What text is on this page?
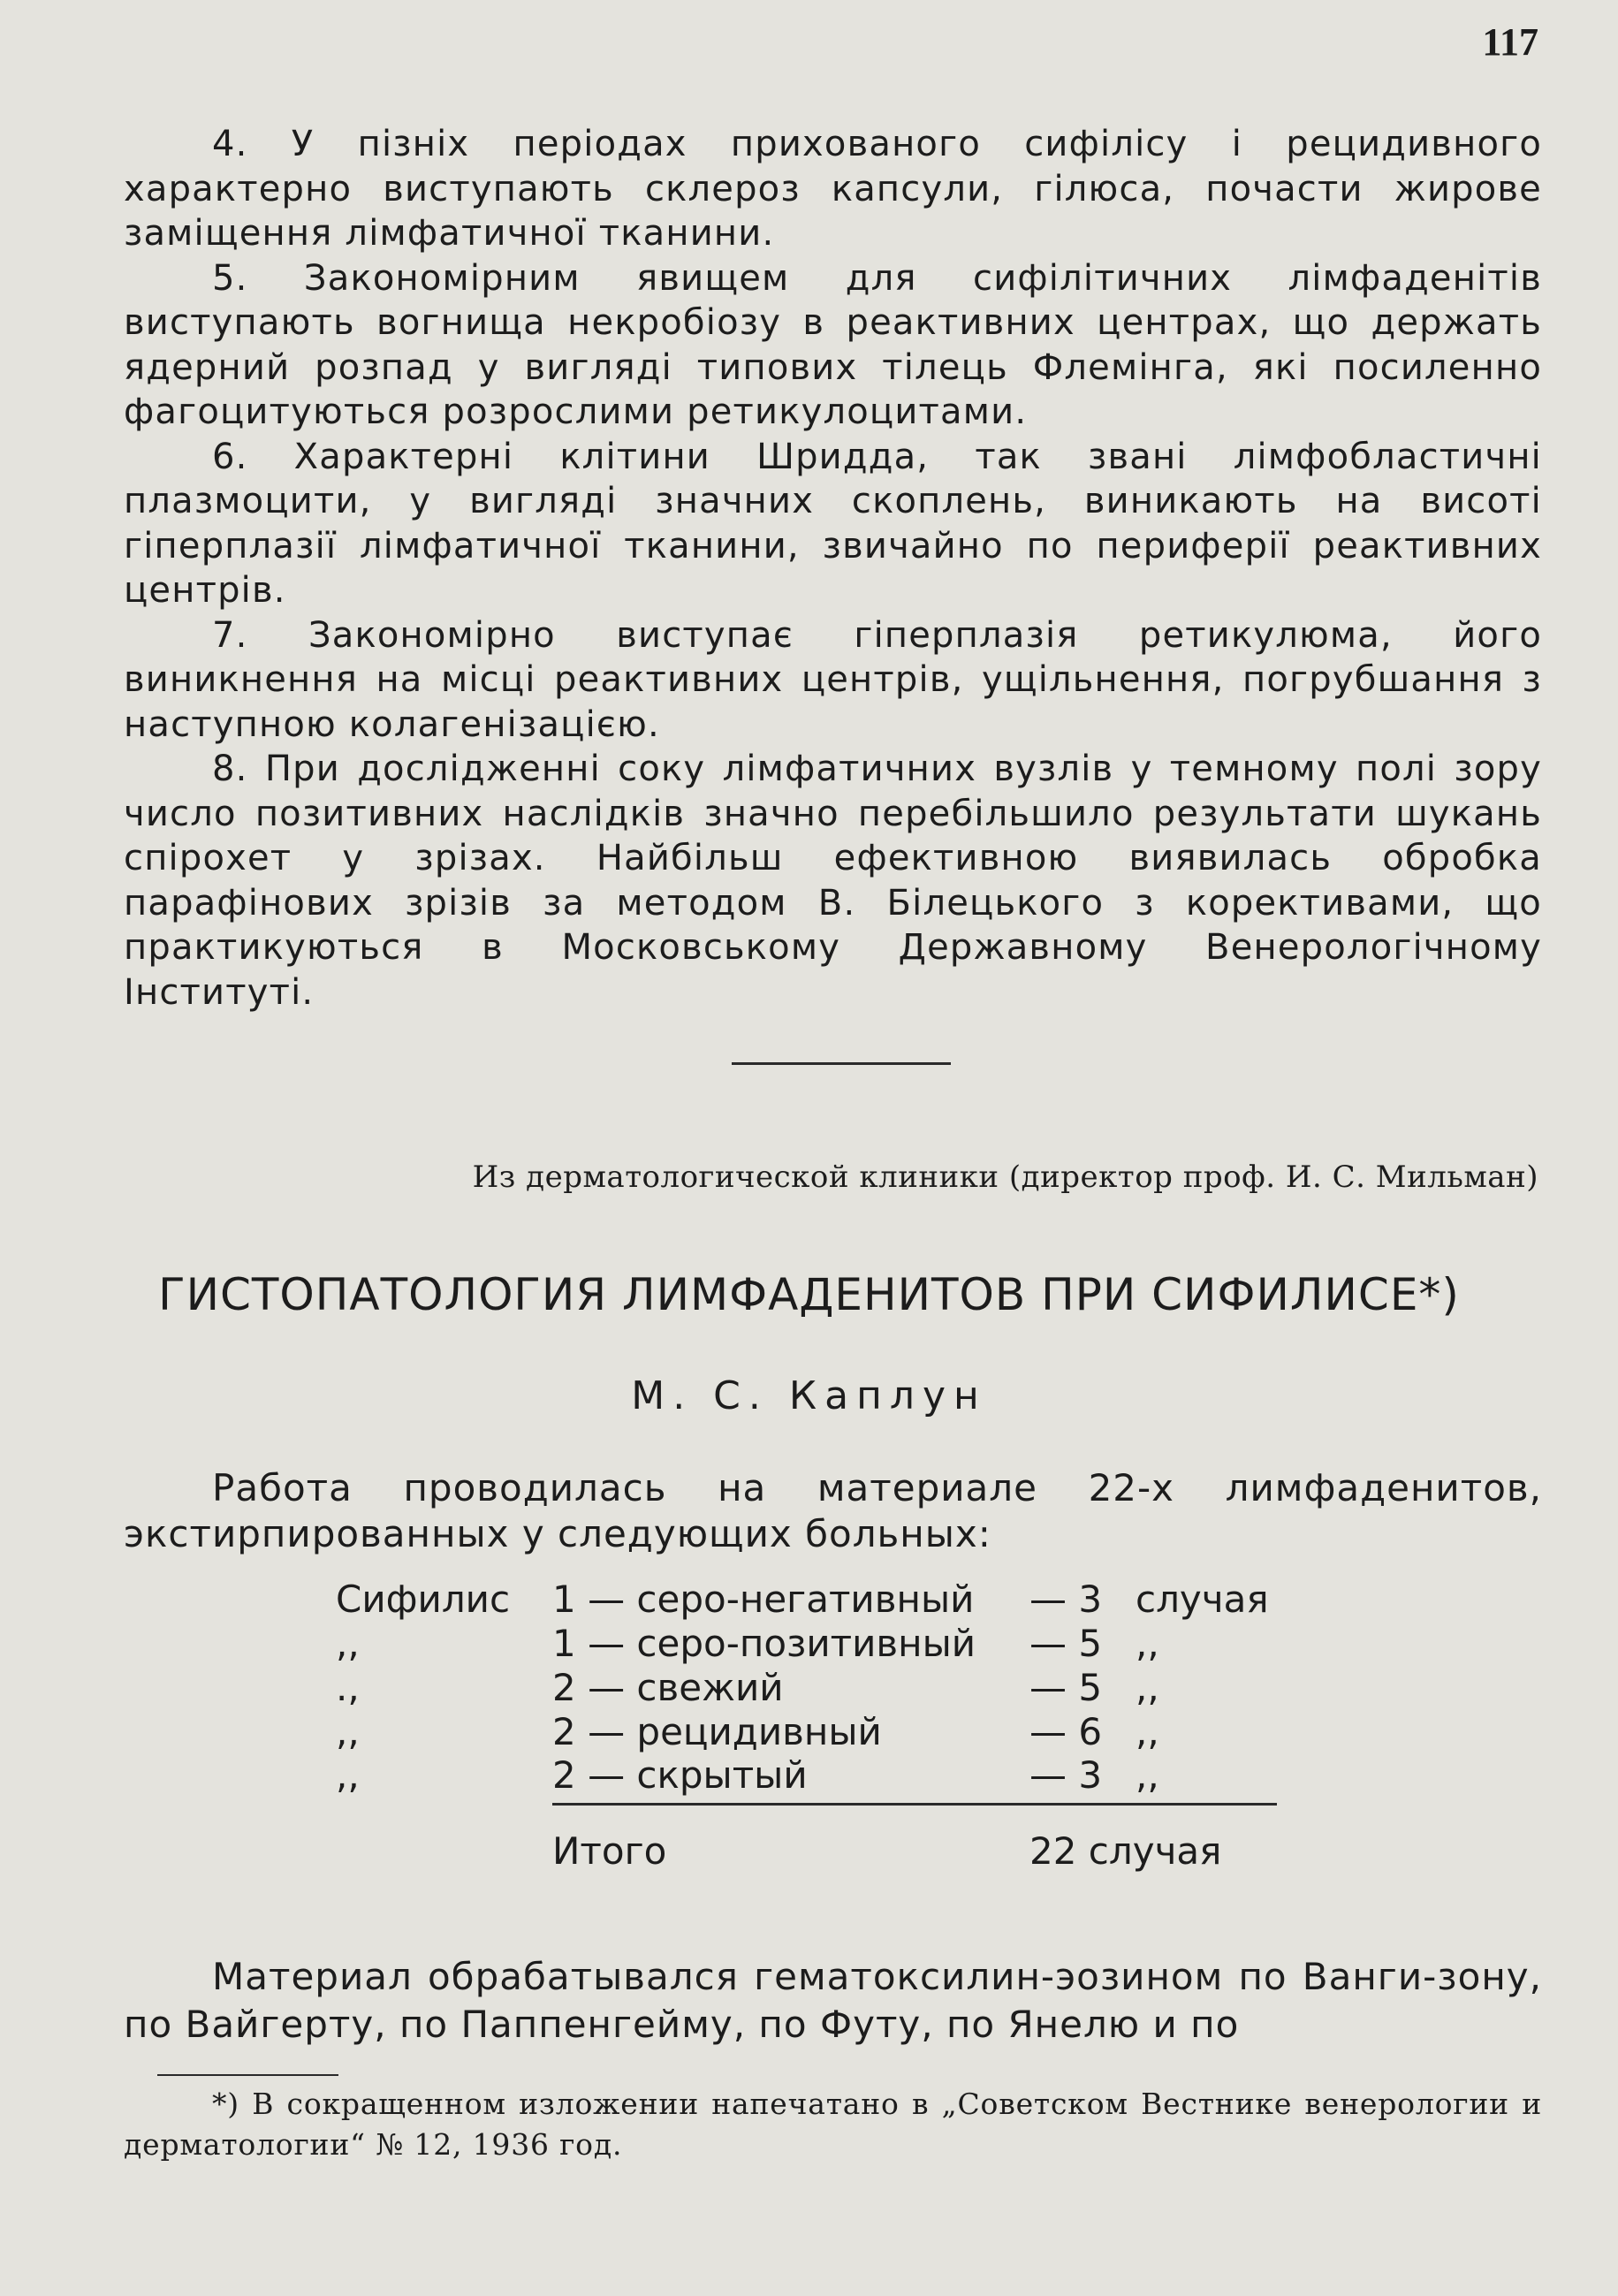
117

4. У пізніх періодах прихованого сифілісу і рецидивного характерно виступають склероз капсули, гілюса, почасти жирове заміщення лімфатичної тканини.

5. Закономірним явищем для сифілітичних лімфаденітів виступають вогнища некробіозу в реактивних центрах, що держать ядерний розпад у вигляді типових тілець Флемінга, які посиленно фагоцитуються розрослими ретикулоцитами.

6. Характерні клітини Шридда, так звані лімфобластичні плазмоцити, у вигляді значних скоплень, виникають на висоті гіперплазії лімфатичної тканини, звичайно по периферії реактивних центрів.

7. Закономірно виступає гіперплазія ретикулюма, його виникнення на місці реактивних центрів, ущільнення, погрубшання з наступною колагенізацією.

8. При дослідженні соку лімфатичних вузлів у темному полі зору число позитивних наслідків значно перебільшило результати шукань спірохет у зрізах. Найбільш ефективною виявилась обробка парафінових зрізів за методом В. Білецького з корективами, що практикуються в Московському Державному Венерологічному Інституті.

Из дерматологической клиники (директор проф. И. С. Мильман)
ГИСТОПАТОЛОГИЯ ЛИМФАДЕНИТОВ ПРИ СИФИЛИСЕ*)
М. С. Каплун

Работа проводилась на материале 22-х лимфаденитов, экстирпированных у следующих больных:

Сифилис	1 — серо-негативный	— 3	случая
,,	1 — серо-позитивный	— 5	,,
.,	2 — свежий	— 5	,,
,,	2 — рецидивный	— 6	,,
,,	2 — скрытый	— 3	,,
	Итого	22 случая	

Материал обрабатывался гематоксилин-эозином по Ванги-зону, по Вайгерту, по Паппенгейму, по Футу, по Янелю и по

*) В сокращенном изложении напечатано в „Советском Вестнике венерологии и дерматологии“ № 12, 1936 год.
